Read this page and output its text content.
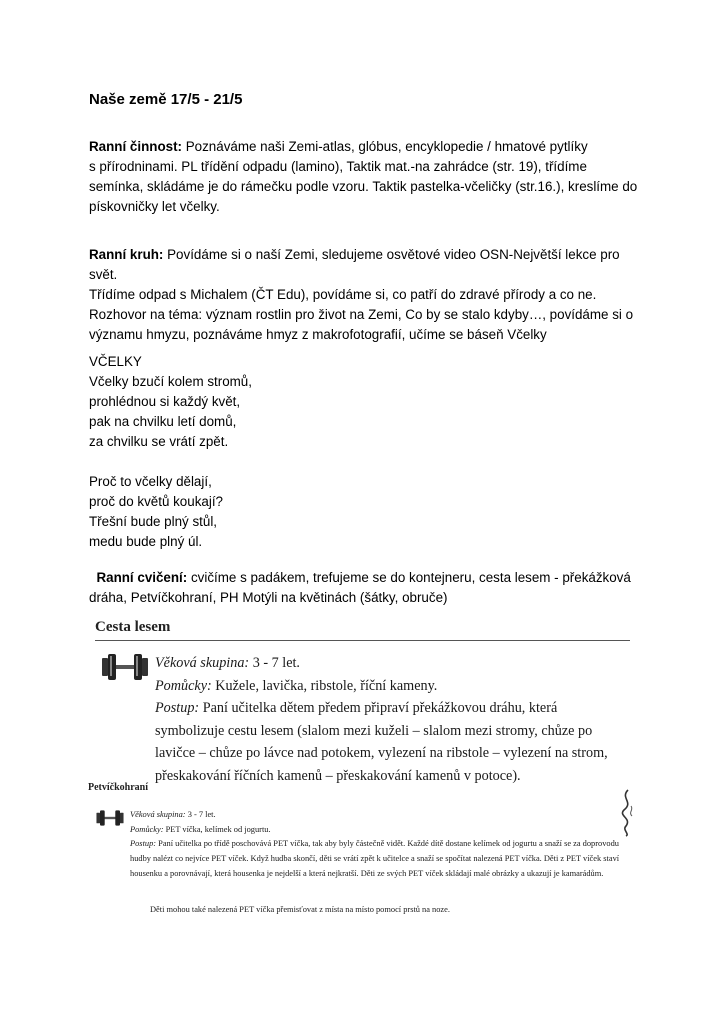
Naše země 17/5 - 21/5
Ranní činnost: Poznáváme naši Zemi-atlas, glóbus, encyklopedie / hmatové pytlíky
s přírodninami. PL třídění odpadu (lamino), Taktik mat.-na zahrádce (str. 19), třídíme
semínka, skládáme je do rámečku podle vzoru. Taktik pastelka-včeličky (str.16.), kreslíme do
pískovničky let včelky.
Ranní kruh: Povídáme si o naší Zemi, sledujeme osvětové video OSN-Největší lekce pro svět.
Třídíme odpad s Michalem (ČT Edu), povídáme si, co patří do zdravé přírody a co ne.
Rozhovor na téma: význam rostlin pro život na Zemi, Co by se stalo kdyby…, povídáme si o
významu hmyzu, poznáváme hmyz z makrofotografií, učíme se báseň Včelky
VČELKY
Včelky bzučí kolem stromů,
prohlédnou si každý květ,
pak na chvilku letí domů,
za chvilku se vrátí zpět.
Proč to včelky dělají,
proč do květů koukají?
Třešní bude plný stůl,
medu bude plný úl.
Ranní cvičení: cvičíme s padákem, trefujeme se do kontejneru, cesta lesem - překážková
dráha, Petvíčkohraní, PH Motýli na květinách (šátky, obruče)
Cesta lesem
Věková skupina: 3 - 7 let.
Pomůcky: Kužele, lavička, ribstole, říční kameny.
Postup: Paní učitelka dětem předem připraví překážkovou dráhu, která symbolizuje cestu lesem (slalom mezi kuželi – slalom mezi stromy, chůze po lavičce – chůze po lávce nad potokem, vylezení na ribstole – vylezení na strom, přeskakování říčních kamenů – přeskakování kamenů v potoce).
Petvíčkohraní
Věková skupina: 3 - 7 let.
Pomůcky: PET víčka, kelímek od jogurtu.
Postup: Paní učitelka po třídě poschovává PET víčka, tak aby byly částečně vidět. Každé dítě dostane kelímek od jogurtu a snaží se za doprovodu hudby nalézt co nejvíce PET víček. Když hudba skončí, děti se vrátí zpět k učitelce a snaží se spočítat nalezená PET víčka. Děti z PET víček staví housenku a porovnávají, která housenka je nejdelší a která nejkratší. Děti ze svých PET víček skládají malé obrázky a ukazují je kamarádům.
Děti mohou také nalezená PET víčka přemisťovat z místa na místo pomocí prstů na noze.
